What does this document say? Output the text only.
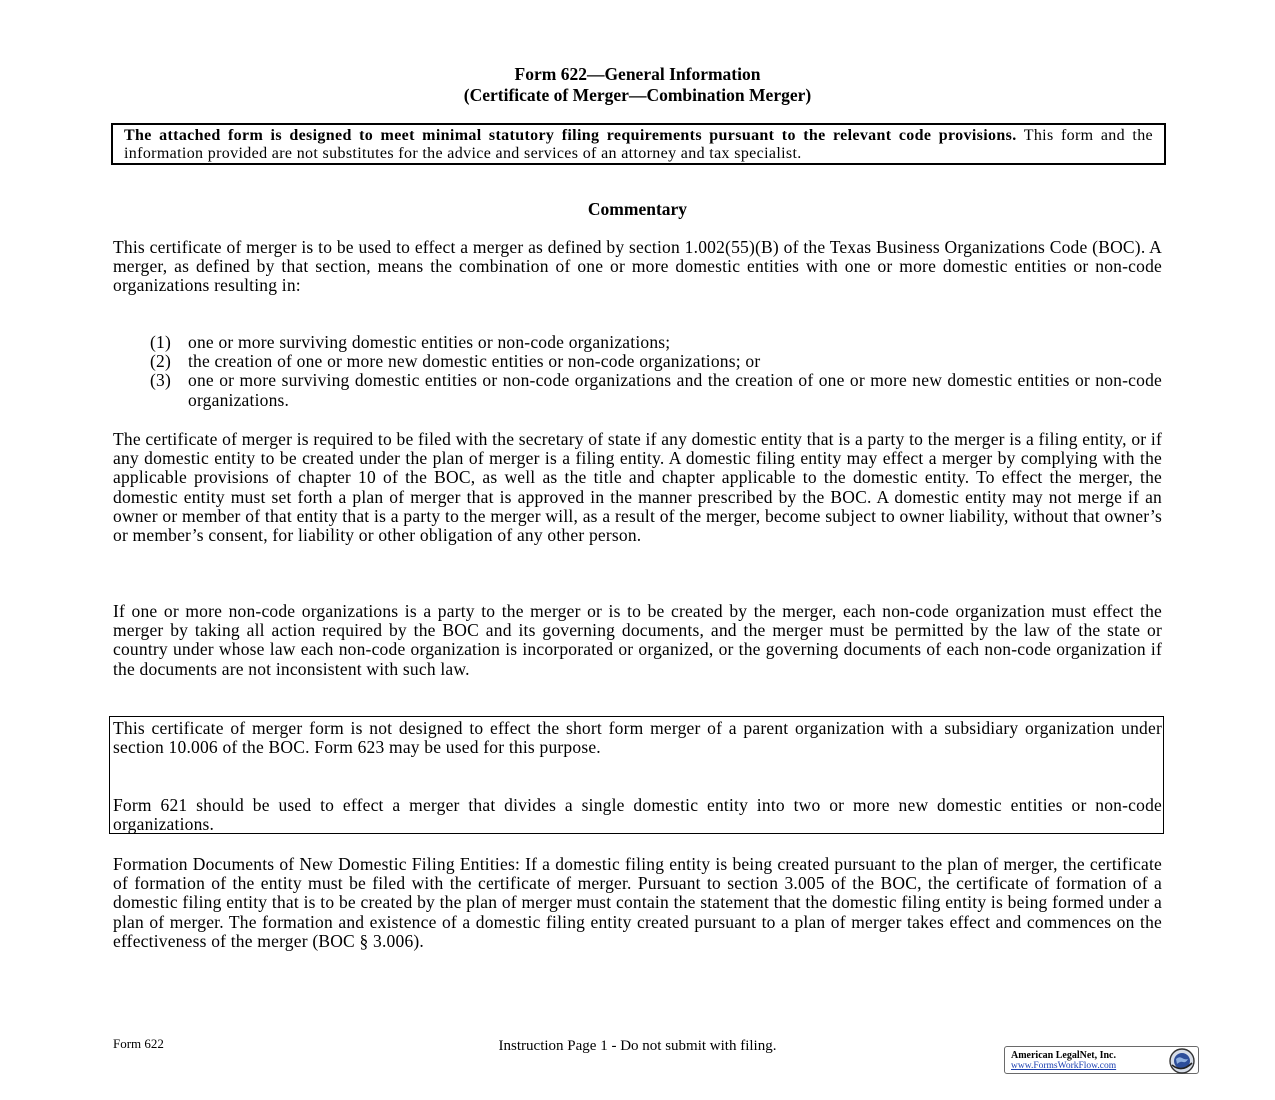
Form 622—General Information
(Certificate of Merger—Combination Merger)
The attached form is designed to meet minimal statutory filing requirements pursuant to the relevant code provisions. This form and the information provided are not substitutes for the advice and services of an attorney and tax specialist.
Commentary
This certificate of merger is to be used to effect a merger as defined by section 1.002(55)(B) of the Texas Business Organizations Code (BOC). A merger, as defined by that section, means the combination of one or more domestic entities with one or more domestic entities or non-code organizations resulting in:
(1) one or more surviving domestic entities or non-code organizations;
(2) the creation of one or more new domestic entities or non-code organizations; or
(3) one or more surviving domestic entities or non-code organizations and the creation of one or more new domestic entities or non-code organizations.
The certificate of merger is required to be filed with the secretary of state if any domestic entity that is a party to the merger is a filing entity, or if any domestic entity to be created under the plan of merger is a filing entity. A domestic filing entity may effect a merger by complying with the applicable provisions of chapter 10 of the BOC, as well as the title and chapter applicable to the domestic entity. To effect the merger, the domestic entity must set forth a plan of merger that is approved in the manner prescribed by the BOC. A domestic entity may not merge if an owner or member of that entity that is a party to the merger will, as a result of the merger, become subject to owner liability, without that owner’s or member’s consent, for liability or other obligation of any other person.
If one or more non-code organizations is a party to the merger or is to be created by the merger, each non-code organization must effect the merger by taking all action required by the BOC and its governing documents, and the merger must be permitted by the law of the state or country under whose law each non-code organization is incorporated or organized, or the governing documents of each non-code organization if the documents are not inconsistent with such law.
This certificate of merger form is not designed to effect the short form merger of a parent organization with a subsidiary organization under section 10.006 of the BOC. Form 623 may be used for this purpose.
Form 621 should be used to effect a merger that divides a single domestic entity into two or more new domestic entities or non-code organizations.
Formation Documents of New Domestic Filing Entities: If a domestic filing entity is being created pursuant to the plan of merger, the certificate of formation of the entity must be filed with the certificate of merger. Pursuant to section 3.005 of the BOC, the certificate of formation of a domestic filing entity that is to be created by the plan of merger must contain the statement that the domestic filing entity is being formed under a plan of merger. The formation and existence of a domestic filing entity created pursuant to a plan of merger takes effect and commences on the effectiveness of the merger (BOC § 3.006).
Form 622	Instruction Page 1 - Do not submit with filing.
American LegalNet, Inc.
www.FormsWorkFlow.com
